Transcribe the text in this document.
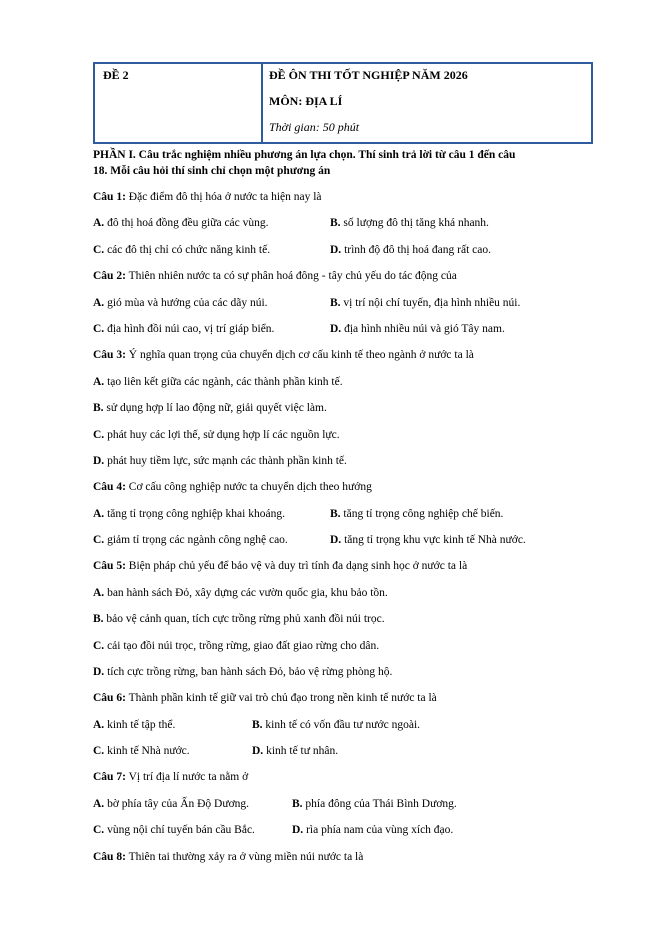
ĐỀ 2	ĐỀ ÔN THI TỐT NGHIỆP NĂM 2026
MÔN: ĐỊA LÍ
Thời gian: 50 phút
PHẦN I. Câu trắc nghiệm nhiều phương án lựa chọn. Thí sinh trả lời từ câu 1 đến câu
18. Mỗi câu hỏi thí sinh chỉ chọn một phương án
Câu 1: Đặc điểm đô thị hóa ở nước ta hiện nay là
A. đô thị hoá đồng đều giữa các vùng.	B. số lượng đô thị tăng khá nhanh.
C. các đô thị chỉ có chức năng kinh tế.	D. trình độ đô thị hoá đang rất cao.
Câu 2: Thiên nhiên nước ta có sự phân hoá đông - tây chủ yếu do tác động của
A. gió mùa và hướng của các dãy núi.	B. vị trí nội chí tuyến, địa hình nhiều núi.
C. địa hình đồi núi cao, vị trí giáp biển.	D. địa hình nhiều núi và gió Tây nam.
Câu 3: Ý nghĩa quan trọng của chuyển dịch cơ cấu kinh tế theo ngành ở nước ta là
A. tạo liên kết giữa các ngành, các thành phần kinh tế.
B. sử dụng hợp lí lao động nữ, giải quyết việc làm.
C. phát huy các lợi thế, sử dụng hợp lí các nguồn lực.
D. phát huy tiềm lực, sức mạnh các thành phần kinh tế.
Câu 4: Cơ cấu công nghiệp nước ta chuyển dịch theo hướng
A. tăng tỉ trọng công nghiệp khai khoáng.	B. tăng tỉ trọng công nghiệp chế biến.
C. giảm tỉ trọng các ngành công nghệ cao.	D. tăng tỉ trọng khu vực kinh tế Nhà nước.
Câu 5: Biện pháp chủ yếu để bảo vệ và duy trì tính đa dạng sinh học ở nước ta là
A. ban hành sách Đỏ, xây dựng các vườn quốc gia, khu bảo tồn.
B. bảo vệ cảnh quan, tích cực trồng rừng phủ xanh đồi núi trọc.
C. cải tạo đồi núi trọc, trồng rừng, giao đất giao rừng cho dân.
D. tích cực trồng rừng, ban hành sách Đỏ, bảo vệ rừng phòng hộ.
Câu 6: Thành phần kinh tế giữ vai trò chủ đạo trong nền kinh tế nước ta là
A. kinh tế tập thể.	B. kinh tế có vốn đầu tư nước ngoài.
C. kinh tế Nhà nước.	D. kinh tế tư nhân.
Câu 7: Vị trí địa lí nước ta nằm ở
A. bờ phía tây của Ấn Độ Dương.	B. phía đông của Thái Bình Dương.
C. vùng nội chí tuyến bán cầu Bắc.	D. rìa phía nam của vùng xích đạo.
Câu 8: Thiên tai thường xảy ra ở vùng miền núi nước ta là
